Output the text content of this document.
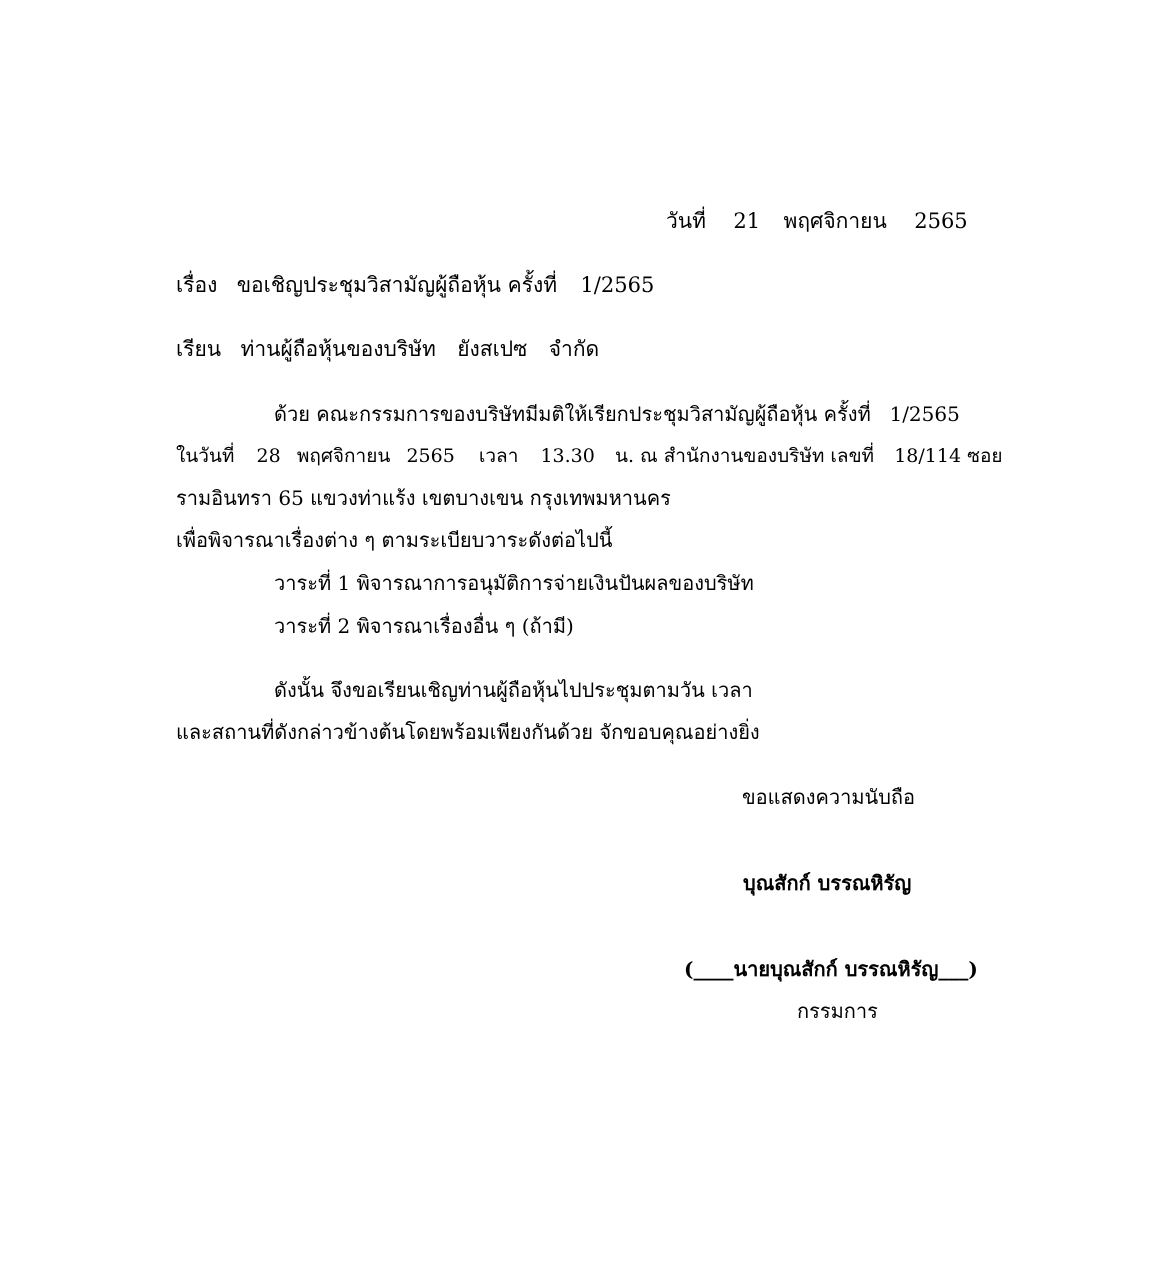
วันที่ 21 พฤศจิกายน 2565
เรื่อง ขอเชิญประชุมวิสามัญผู้ถือหุ้น ครั้งที่ 1/2565
เรียน ท่านผู้ถือหุ้นของบริษัท ยังสเปซ จำกัด
ด้วย คณะกรรมการของบริษัทมีมติให้เรียกประชุมวิสามัญผู้ถือหุ้น ครั้งที่ 1/2565
ในวันที่ 28 พฤศจิกายน 2565 เวลา 13.30 น. ณ สำนักงานของบริษัท เลขที่ 18/114 ซอย
รามอินทรา 65 แขวงท่าแร้ง เขตบางเขน กรุงเทพมหานคร
เพื่อพิจารณาเรื่องต่าง ๆ ตามระเบียบวาระดังต่อไปนี้
วาระที่ 1 พิจารณาการอนุมัติการจ่ายเงินปันผลของบริษัท
วาระที่ 2 พิจารณาเรื่องอื่น ๆ (ถ้ามี)
ดังนั้น จึงขอเรียนเชิญท่านผู้ถือหุ้นไปประชุมตามวัน เวลา
และสถานที่ดังกล่าวข้างต้นโดยพร้อมเพียงกันด้วย จักขอบคุณอย่างยิ่ง
ขอแสดงความนับถือ
บุณสักก์ บรรณหิรัญ
(____นายบุณสักก์ บรรณหิรัญ___)
กรรมการ
